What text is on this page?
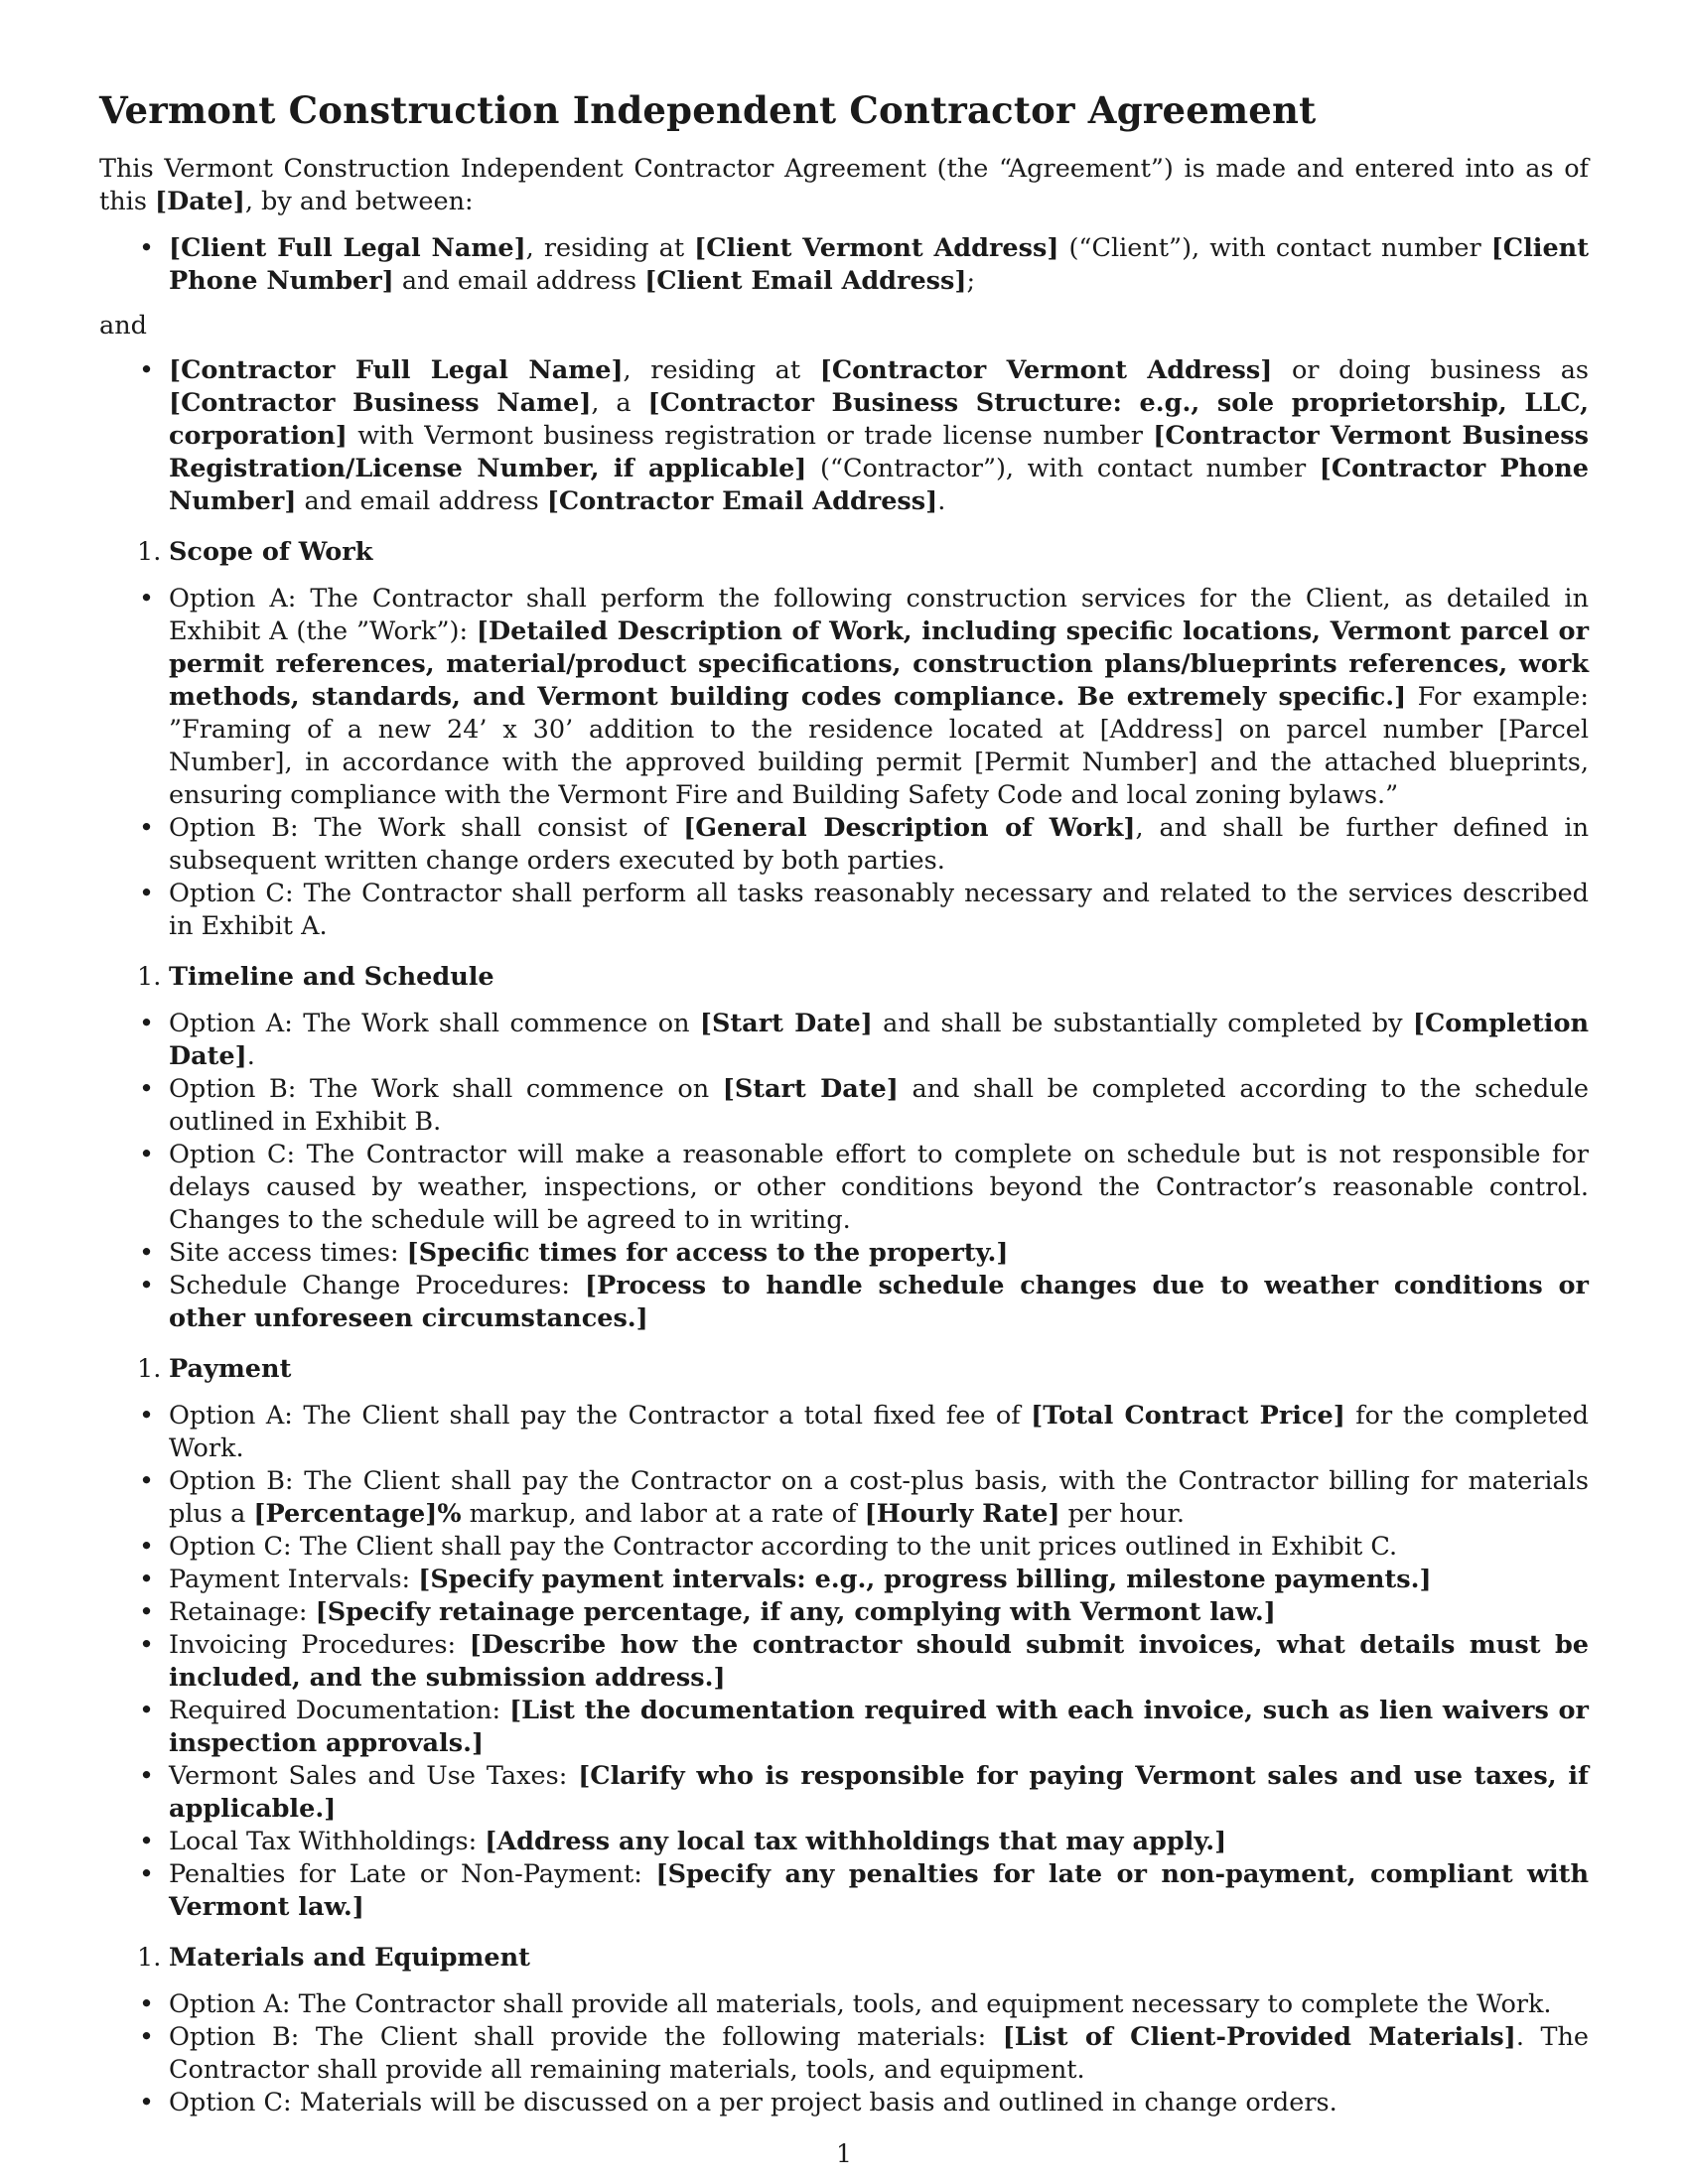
Vermont Construction Independent Contractor Agreement

This Vermont Construction Independent Contractor Agreement (the “Agreement”) is made and entered into as of this [Date], by and between:

• [Client Full Legal Name], residing at [Client Vermont Address] (“Client”), with contact number [Client Phone Number] and email address [Client Email Address];

and

• [Contractor Full Legal Name], residing at [Contractor Vermont Address] or doing business as [Contractor Business Name], a [Contractor Business Structure: e.g., sole proprietorship, LLC, corporation] with Vermont business registration or trade license number [Contractor Vermont Business Registration/License Number, if applicable] (“Contractor”), with contact number [Contractor Phone Number] and email address [Contractor Email Address].
1. Scope of Work
• Option A: The Contractor shall perform the following construction services for the Client, as detailed in Exhibit A (the ”Work”): [Detailed Description of Work, including specific locations, Vermont parcel or permit references, material/product specifications, construction plans/blueprints references, work methods, standards, and Vermont building codes compliance. Be extremely specific.] For example: ”Framing of a new 24’ x 30’ addition to the residence located at [Address] on parcel number [Parcel Number], in accordance with the approved building permit [Permit Number] and the attached blueprints, ensuring compliance with the Vermont Fire and Building Safety Code and local zoning bylaws.”
• Option B: The Work shall consist of [General Description of Work], and shall be further defined in subsequent written change orders executed by both parties.
• Option C: The Contractor shall perform all tasks reasonably necessary and related to the services described in Exhibit A.
1. Timeline and Schedule
• Option A: The Work shall commence on [Start Date] and shall be substantially completed by [Completion Date].
• Option B: The Work shall commence on [Start Date] and shall be completed according to the schedule outlined in Exhibit B.
• Option C: The Contractor will make a reasonable effort to complete on schedule but is not responsible for delays caused by weather, inspections, or other conditions beyond the Contractor’s reasonable control. Changes to the schedule will be agreed to in writing.
• Site access times: [Specific times for access to the property.]
• Schedule Change Procedures: [Process to handle schedule changes due to weather conditions or other unforeseen circumstances.]
1. Payment
• Option A: The Client shall pay the Contractor a total fixed fee of [Total Contract Price] for the completed Work.
• Option B: The Client shall pay the Contractor on a cost-plus basis, with the Contractor billing for materials plus a [Percentage]% markup, and labor at a rate of [Hourly Rate] per hour.
• Option C: The Client shall pay the Contractor according to the unit prices outlined in Exhibit C.
• Payment Intervals: [Specify payment intervals: e.g., progress billing, milestone payments.]
• Retainage: [Specify retainage percentage, if any, complying with Vermont law.]
• Invoicing Procedures: [Describe how the contractor should submit invoices, what details must be included, and the submission address.]
• Required Documentation: [List the documentation required with each invoice, such as lien waivers or inspection approvals.]
• Vermont Sales and Use Taxes: [Clarify who is responsible for paying Vermont sales and use taxes, if applicable.]
• Local Tax Withholdings: [Address any local tax withholdings that may apply.]
• Penalties for Late or Non-Payment: [Specify any penalties for late or non-payment, compliant with Vermont law.]
1. Materials and Equipment
• Option A: The Contractor shall provide all materials, tools, and equipment necessary to complete the Work.
• Option B: The Client shall provide the following materials: [List of Client-Provided Materials]. The Contractor shall provide all remaining materials, tools, and equipment.
• Option C: Materials will be discussed on a per project basis and outlined in change orders.
1
